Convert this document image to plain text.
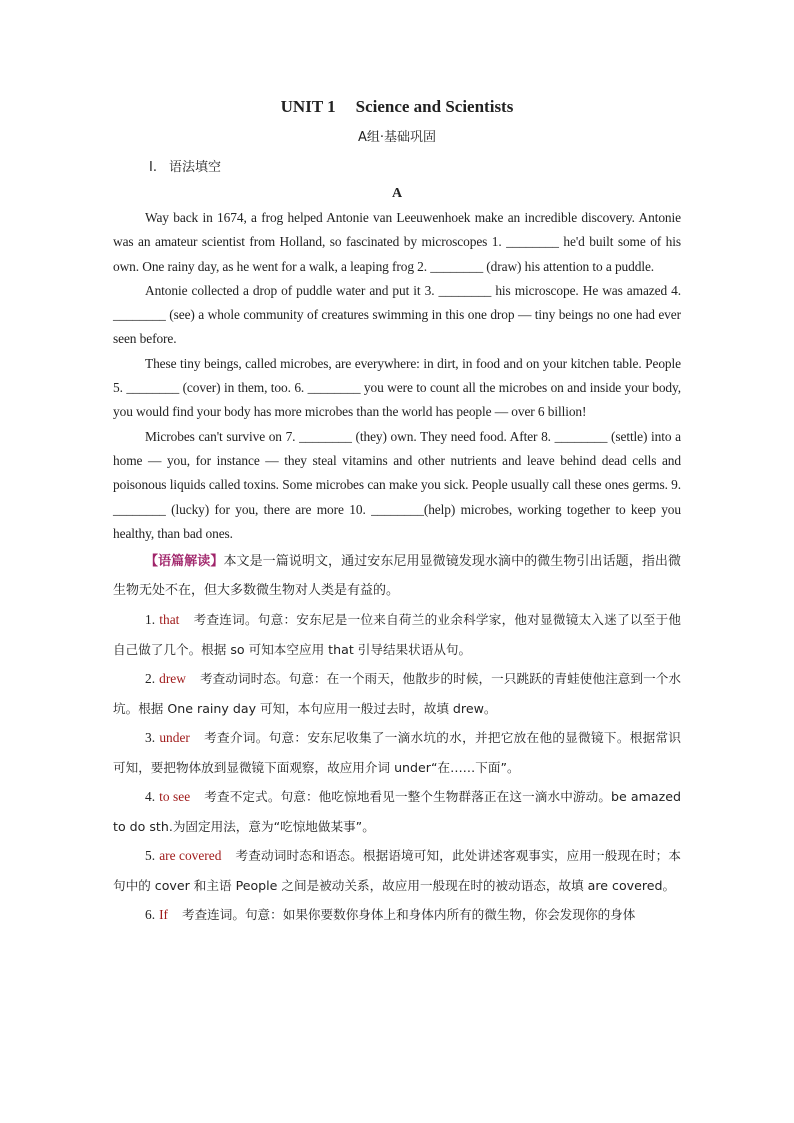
UNIT 1 Science and Scientists
A组·基础巩固
Ⅰ. 语法填空
A

Way back in 1674, a frog helped Antonie van Leeuwenhoek make an incredible discovery. Antonie was an amateur scientist from Holland, so fascinated by microscopes 1. ________ he'd built some of his own. One rainy day, as he went for a walk, a leaping frog 2. ________ (draw) his attention to a puddle.

Antonie collected a drop of puddle water and put it 3. ________ his microscope. He was amazed 4. ________ (see) a whole community of creatures swimming in this one drop — tiny beings no one had ever seen before.

These tiny beings, called microbes, are everywhere: in dirt, in food and on your kitchen table. People 5. ________ (cover) in them, too. 6. ________ you were to count all the microbes on and inside your body, you would find your body has more microbes than the world has people — over 6 billion!

Microbes can't survive on 7. ________ (they) own. They need food. After 8. ________ (settle) into a home — you, for instance — they steal vitamins and other nutrients and leave behind dead cells and poisonous liquids called toxins. Some microbes can make you sick. People usually call these ones germs. 9. ________ (lucky) for you, there are more 10. ________(help) microbes, working together to keep you healthy, than bad ones.

【语篇解读】本文是一篇说明文，通过安东尼用显微镜发现水滴中的微生物引出话题，指出微生物无处不在，但大多数微生物对人类是有益的。

1. that 考查连词。句意：安东尼是一位来自荷兰的业余科学家，他对显微镜太入迷了以至于他自己做了几个。根据 so 可知本空应用 that 引导结果状语从句。

2. drew 考查动词时态。句意：在一个雨天，他散步的时候，一只跳跃的青蛙使他注意到一个水坑。根据 One rainy day 可知，本句应用一般过去时，故填 drew。

3. under 考查介词。句意：安东尼收集了一滴水坑的水，并把它放在他的显微镜下。根据常识可知，要把物体放到显微镜下面观察，故应用介词 under“在……下面”。

4. to see 考查不定式。句意：他吃惊地看见一整个生物群落正在这一滴水中游动。be amazed to do sth.为固定用法，意为“吃惊地做某事”。

5. are covered 考查动词时态和语态。根据语境可知，此处讲述客观事实，应用一般现在时；本句中的 cover 和主语 People 之间是被动关系，故应用一般现在时的被动语态，故填 are covered。

6. If 考查连词。句意：如果你要数你身体上和身体内所有的微生物，你会发现你的身体
